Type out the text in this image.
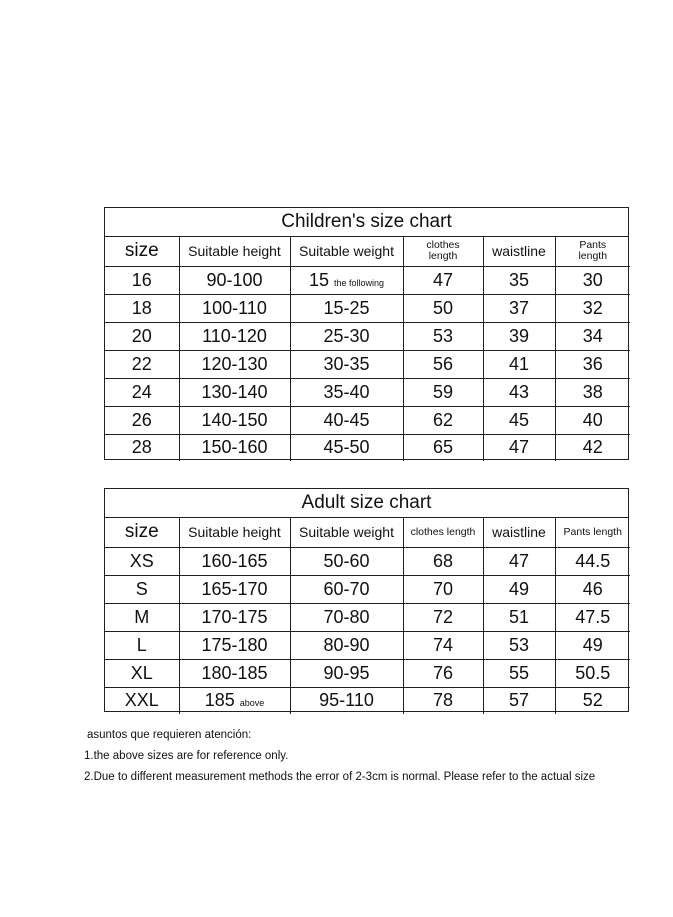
Children's size chart
size	Suitable height	Suitable weight	clothes length	waistline	Pants length
16	90-100	15 the following	47	35	30
18	100-110	15-25	50	37	32
20	110-120	25-30	53	39	34
22	120-130	30-35	56	41	36
24	130-140	35-40	59	43	38
26	140-150	40-45	62	45	40
28	150-160	45-50	65	47	42
Adult size chart
size	Suitable height	Suitable weight	clothes length	waistline	Pants length
XS	160-165	50-60	68	47	44.5
S	165-170	60-70	70	49	46
M	170-175	70-80	72	51	47.5
L	175-180	80-90	74	53	49
XL	180-185	90-95	76	55	50.5
XXL	185 above	95-110	78	57	52
asuntos que requieren atención:
1.the above sizes are for reference only.
2.Due to different measurement methods the error of 2-3cm is normal. Please refer to the actual size
